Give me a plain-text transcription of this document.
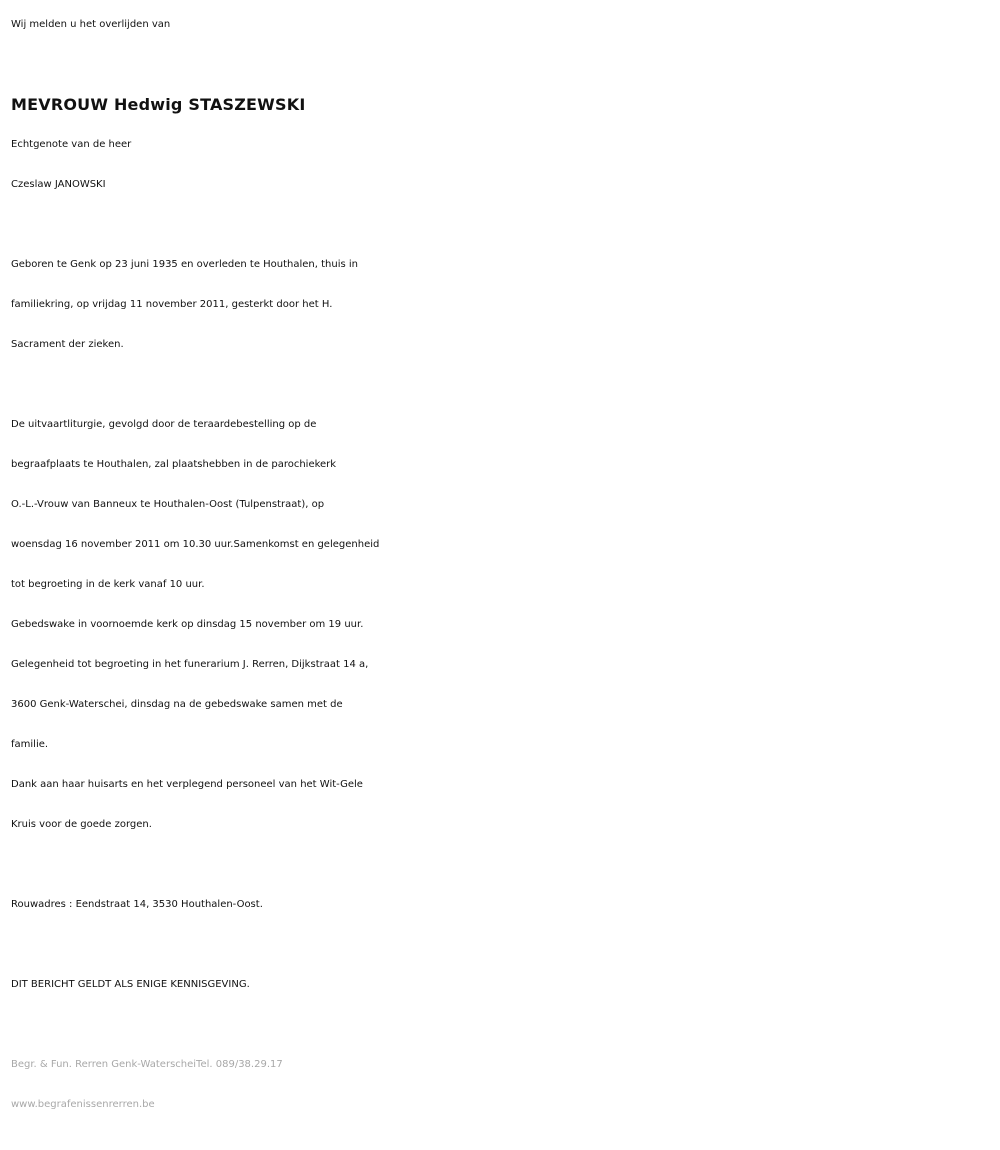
Wij melden u het overlijden van
MEVROUW Hedwig STASZEWSKI
Echtgenote van de heer
Czeslaw JANOWSKI
Geboren te Genk op 23 juni 1935 en overleden te Houthalen, thuis in
familiekring, op vrijdag 11 november 2011, gesterkt door het H.
Sacrament der zieken.
De uitvaartliturgie, gevolgd door de teraardebestelling op de
begraafplaats te Houthalen, zal plaatshebben in de parochiekerk
O.-L.-Vrouw van Banneux te Houthalen-Oost (Tulpenstraat), op
woensdag 16 november 2011 om 10.30 uur.Samenkomst en gelegenheid
tot begroeting in de kerk vanaf 10 uur.
Gebedswake in voornoemde kerk op dinsdag 15 november om 19 uur.
Gelegenheid tot begroeting in het funerarium J. Rerren, Dijkstraat 14 a,
3600 Genk-Waterschei, dinsdag na de gebedswake samen met de
familie.
Dank aan haar huisarts en het verplegend personeel van het Wit-Gele
Kruis voor de goede zorgen.
Rouwadres : Eendstraat 14, 3530 Houthalen-Oost.
DIT BERICHT GELDT ALS ENIGE KENNISGEVING.
Begr. & Fun. Rerren Genk-WaterscheiTel. 089/38.29.17
www.begrafenissenrerren.be
